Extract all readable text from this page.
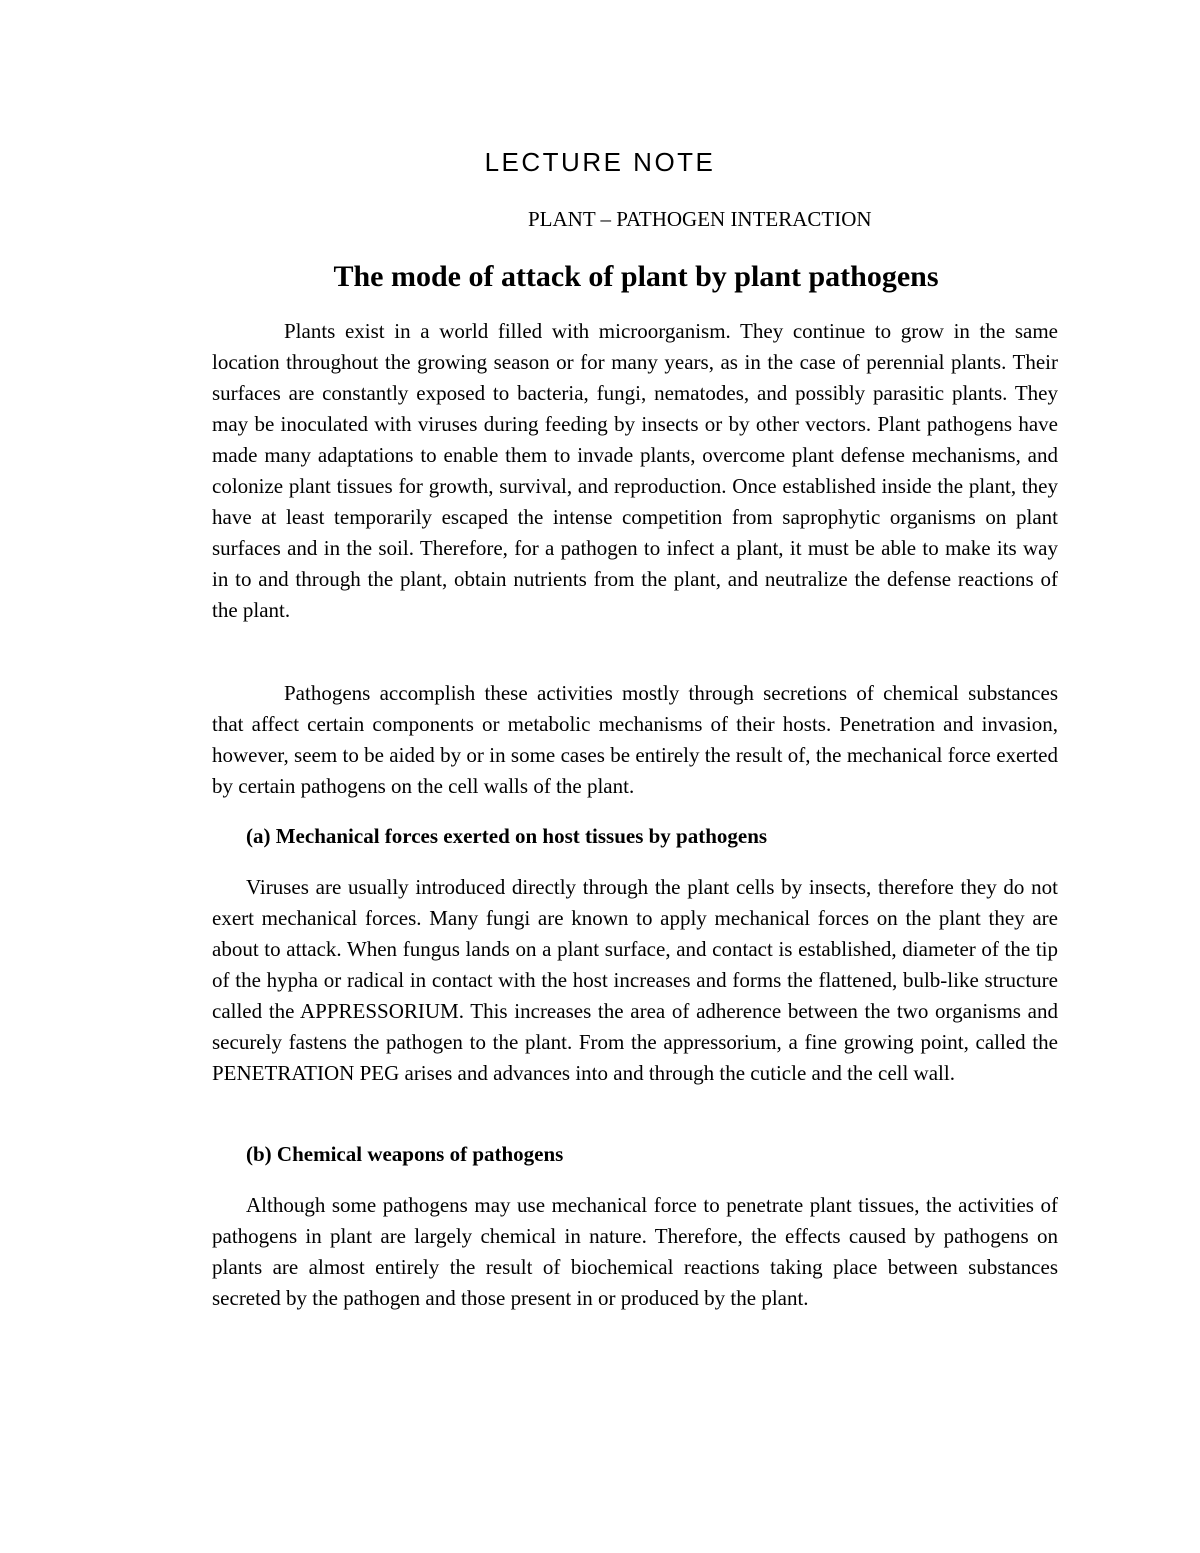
LECTURE NOTE
PLANT – PATHOGEN INTERACTION
The mode of attack of plant by plant pathogens

Plants exist in a world filled with microorganism. They continue to grow in the same location throughout the growing season or for many years, as in the case of perennial plants. Their surfaces are constantly exposed to bacteria, fungi, nematodes, and possibly parasitic plants. They may be inoculated with viruses during feeding by insects or by other vectors. Plant pathogens have made many adaptations to enable them to invade plants, overcome plant defense mechanisms, and colonize plant tissues for growth, survival, and reproduction. Once established inside the plant, they have at least temporarily escaped the intense competition from saprophytic organisms on plant surfaces and in the soil. Therefore, for a pathogen to infect a plant, it must be able to make its way in to and through the plant, obtain nutrients from the plant, and neutralize the defense reactions of the plant.

Pathogens accomplish these activities mostly through secretions of chemical substances that affect certain components or metabolic mechanisms of their hosts. Penetration and invasion, however, seem to be aided by or in some cases be entirely the result of, the mechanical force exerted by certain pathogens on the cell walls of the plant.

(a) Mechanical forces exerted on host tissues by pathogens

Viruses are usually introduced directly through the plant cells by insects, therefore they do not exert mechanical forces. Many fungi are known to apply mechanical forces on the plant they are about to attack. When fungus lands on a plant surface, and contact is established, diameter of the tip of the hypha or radical in contact with the host increases and forms the flattened, bulb-like structure called the APPRESSORIUM. This increases the area of adherence between the two organisms and securely fastens the pathogen to the plant. From the appressorium, a fine growing point, called the PENETRATION PEG arises and advances into and through the cuticle and the cell wall.

(b) Chemical weapons of pathogens

Although some pathogens may use mechanical force to penetrate plant tissues, the activities of pathogens in plant are largely chemical in nature. Therefore, the effects caused by pathogens on plants are almost entirely the result of biochemical reactions taking place between substances secreted by the pathogen and those present in or produced by the plant.
